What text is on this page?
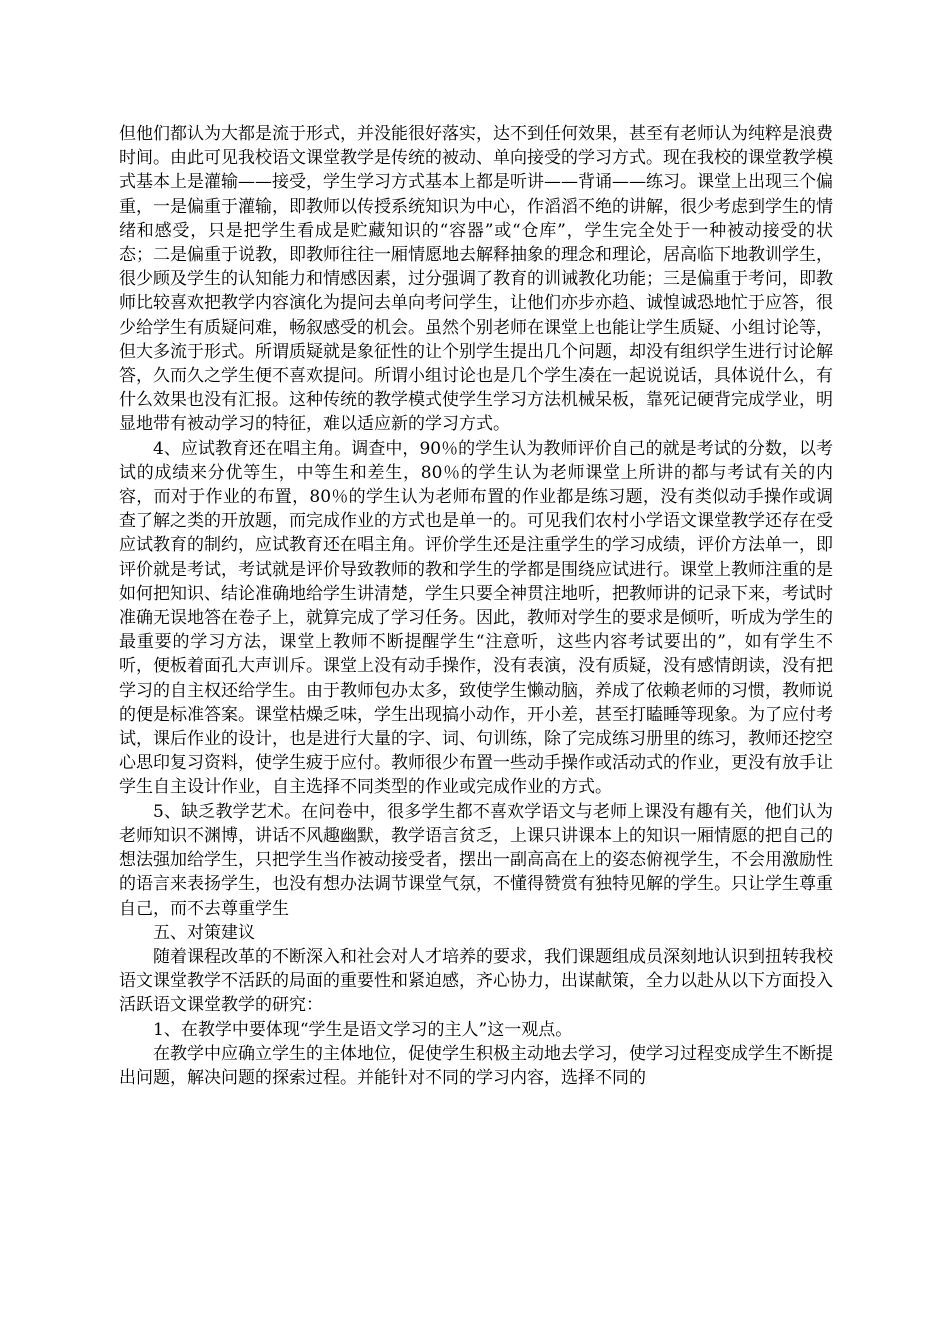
但他们都认为大都是流于形式，并没能很好落实，达不到任何效果，甚至有老师认为纯粹是浪费时间。由此可见我校语文课堂教学是传统的被动、单向接受的学习方式。现在我校的课堂教学模式基本上是灌输——接受，学生学习方式基本上都是听讲——背诵——练习。课堂上出现三个偏重，一是偏重于灌输，即教师以传授系统知识为中心，作滔滔不绝的讲解，很少考虑到学生的情绪和感受，只是把学生看成是贮藏知识的“容器”或“仓库”，学生完全处于一种被动接受的状态；二是偏重于说教，即教师往往一厢情愿地去解释抽象的理念和理论，居高临下地教训学生，很少顾及学生的认知能力和情感因素，过分强调了教育的训诫教化功能；三是偏重于考问，即教师比较喜欢把教学内容演化为提问去单向考问学生，让他们亦步亦趋、诚惶诚恐地忙于应答，很少给学生有质疑问难，畅叙感受的机会。虽然个别老师在课堂上也能让学生质疑、小组讨论等，但大多流于形式。所谓质疑就是象征性的让个别学生提出几个问题，却没有组织学生进行讨论解答，久而久之学生便不喜欢提问。所谓小组讨论也是几个学生凑在一起说说话，具体说什么，有什么效果也没有汇报。这种传统的教学模式使学生学习方法机械呆板，靠死记硬背完成学业，明显地带有被动学习的特征，难以适应新的学习方式。

4、应试教育还在唱主角。调查中，90％的学生认为教师评价自己的就是考试的分数，以考试的成绩来分优等生，中等生和差生，80％的学生认为老师课堂上所讲的都与考试有关的内容，而对于作业的布置，80％的学生认为老师布置的作业都是练习题，没有类似动手操作或调查了解之类的开放题，而完成作业的方式也是单一的。可见我们农村小学语文课堂教学还存在受应试教育的制约，应试教育还在唱主角。评价学生还是注重学生的学习成绩，评价方法单一，即评价就是考试，考试就是评价导致教师的教和学生的学都是围绕应试进行。课堂上教师注重的是如何把知识、结论准确地给学生讲清楚，学生只要全神贯注地听，把教师讲的记录下来，考试时准确无误地答在卷子上，就算完成了学习任务。因此，教师对学生的要求是倾听，听成为学生的最重要的学习方法，课堂上教师不断提醒学生“注意听，这些内容考试要出的”，如有学生不听，便板着面孔大声训斥。课堂上没有动手操作，没有表演，没有质疑，没有感情朗读，没有把学习的自主权还给学生。由于教师包办太多，致使学生懒动脑，养成了依赖老师的习惯，教师说的便是标准答案。课堂枯燥乏味，学生出现搞小动作，开小差，甚至打瞌睡等现象。为了应付考试，课后作业的设计，也是进行大量的字、词、句训练，除了完成练习册里的练习，教师还挖空心思印复习资料，使学生疲于应付。教师很少布置一些动手操作或活动式的作业，更没有放手让学生自主设计作业，自主选择不同类型的作业或完成作业的方式。

5、缺乏教学艺术。在问卷中，很多学生都不喜欢学语文与老师上课没有趣有关，他们认为老师知识不渊博，讲话不风趣幽默，教学语言贫乏，上课只讲课本上的知识一厢情愿的把自己的想法强加给学生，只把学生当作被动接受者，摆出一副高高在上的姿态俯视学生，不会用激励性的语言来表扬学生，也没有想办法调节课堂气氛，不懂得赞赏有独特见解的学生。只让学生尊重自己，而不去尊重学生

五、对策建议

随着课程改革的不断深入和社会对人才培养的要求，我们课题组成员深刻地认识到扭转我校语文课堂教学不活跃的局面的重要性和紧迫感，齐心协力，出谋献策，全力以赴从以下方面投入活跃语文课堂教学的研究：

1、在教学中要体现“学生是语文学习的主人”这一观点。

在教学中应确立学生的主体地位，促使学生积极主动地去学习，使学习过程变成学生不断提出问题，解决问题的探索过程。并能针对不同的学习内容，选择不同的
